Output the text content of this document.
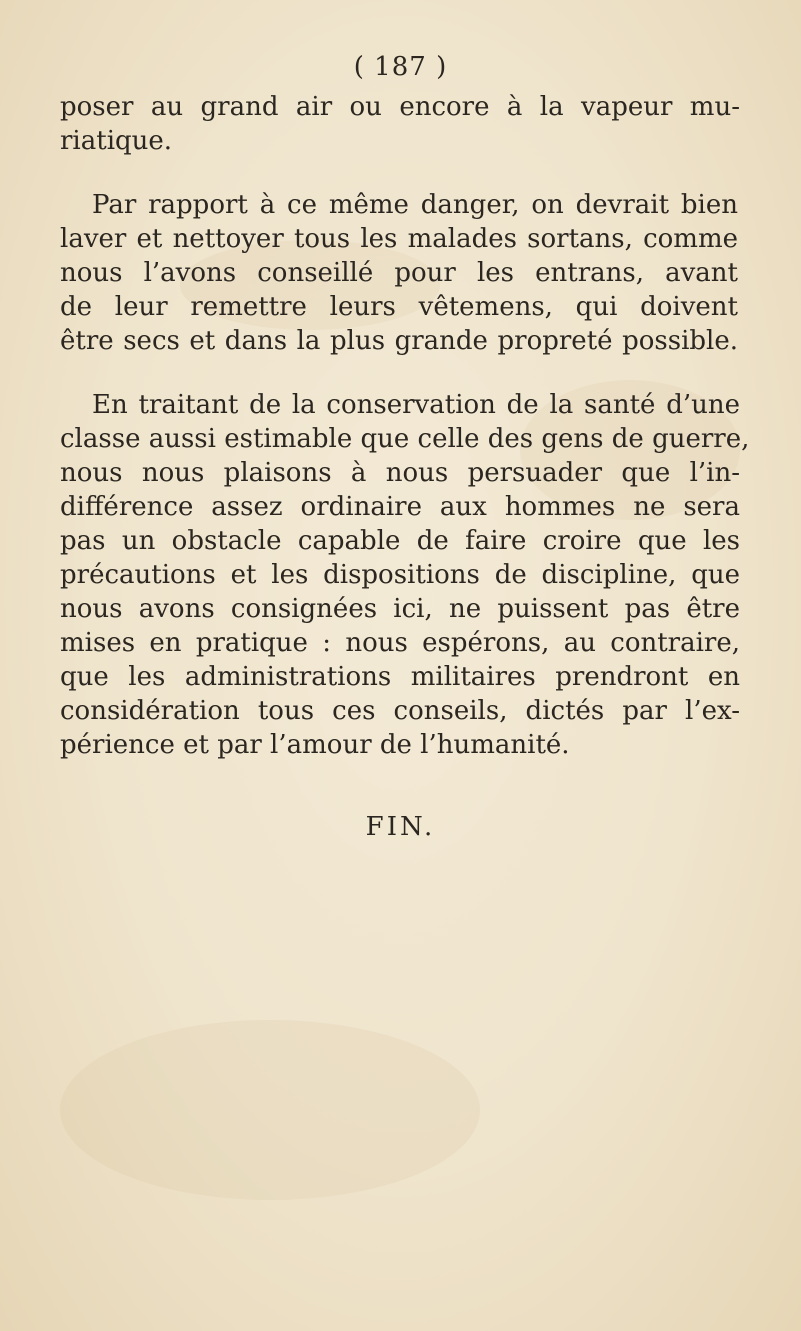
( 187 )
poser au grand air ou encore à la vapeur mu-
riatique.
Par rapport à ce même danger, on devrait bien
laver et nettoyer tous les malades sortans, comme
nous l’avons conseillé pour les entrans, avant
de leur remettre leurs vêtemens, qui doivent
être secs et dans la plus grande propreté possible.
En traitant de la conservation de la santé d’une
classe aussi estimable que celle des gens de guerre,
nous nous plaisons à nous persuader que l’in-
différence assez ordinaire aux hommes ne sera
pas un obstacle capable de faire croire que les
précautions et les dispositions de discipline, que
nous avons consignées ici, ne puissent pas être
mises en pratique : nous espérons, au contraire,
que les administrations militaires prendront en
considération tous ces conseils, dictés par l’ex-
périence et par l’amour de l’humanité.
FIN.
